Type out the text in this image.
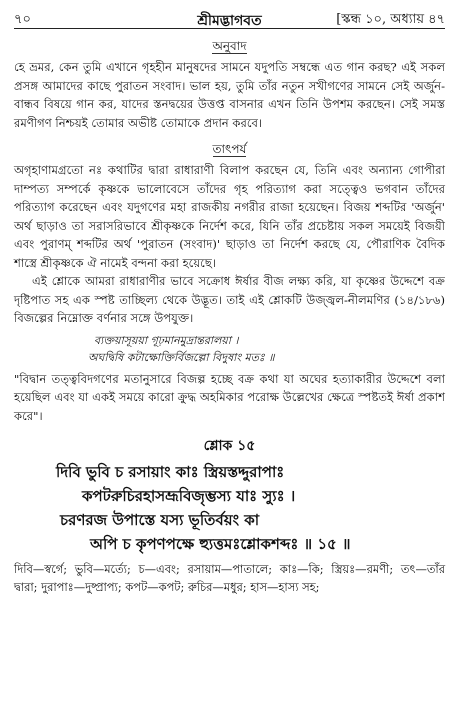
৭০	শ্রীমদ্ভাগবত	[স্কন্ধ ১০, অধ্যায় ৪৭
অনুবাদ

হে ভ্রমর, কেন তুমি এখানে গৃহহীন মানুষদের সামনে যদুপতি সম্বন্ধে এত গান করছ? এই সকল প্রসঙ্গ আমাদের কাছে পুরাতন সংবাদ। ভাল হয়, তুমি তাঁর নতুন সখীগণের সামনে সেই অর্জুন-বান্ধব বিষয়ে গান কর, যাদের স্তনদ্বয়ের উত্তপ্ত বাসনার এখন তিনি উপশম করছেন। সেই সমস্ত রমণীগণ নিশ্চয়ই তোমার অভীষ্ট তোমাকে প্রদান করবে।

তাৎপর্য

অগৃহাণামগ্রতো নঃ কথাটির দ্বারা রাধারাণী বিলাপ করছেন যে, তিনি এবং অন্যান্য গোপীরা দাম্পত্য সম্পর্কে কৃষ্ণকে ভালোবেসে তাঁদের গৃহ পরিত্যাগ করা সত্ত্বেও ভগবান তাঁদের পরিত্যাগ করেছেন এবং যদুগণের মহা রাজকীয় নগরীর রাজা হয়েছেন। বিজয় শব্দটির 'অর্জুন' অর্থ ছাড়াও তা সরাসরিভাবে শ্রীকৃষ্ণকে নির্দেশ করে, যিনি তাঁর প্রচেষ্টায় সকল সময়েই বিজয়ী এবং পুরাণম্ শব্দটির অর্থ 'পুরাতন (সংবাদ)' ছাড়াও তা নির্দেশ করছে যে, পৌরাণিক বৈদিক শাস্ত্রে শ্রীকৃষ্ণকে ঐ নামেই বন্দনা করা হয়েছে।

এই শ্লোকে আমরা রাধারাণীর ভাবে সক্রোধ ঈর্ষার বীজ লক্ষ্য করি, যা কৃষ্ণের উদ্দেশে বক্র দৃষ্টিপাত সহ এক স্পষ্ট তাচ্ছিল্য থেকে উদ্ভূত। তাই এই শ্লোকটি উজ্জ্বল-নীলমণির (১৪/১৮৬) বিজল্পের নিম্নোক্ত বর্ণনার সঙ্গে উপযুক্ত।

ব্যক্তয়াসূয়য়া গূঢ়মানমুদ্রান্তরালয়া ।
অঘদ্বিষি কটাক্ষোক্তির্বিজল্পো বিদুষাং মতঃ ॥

"বিদ্বান তত্ত্ববিদগণের মতানুসারে বিজল্প হচ্ছে বক্র কথা যা অঘের হত্যাকারীর উদ্দেশে বলা হয়েছিল এবং যা একই সময়ে কারো ক্রুদ্ধ অহমিকার পরোক্ষ উল্লেখের ক্ষেত্রে স্পষ্টতই ঈর্ষা প্রকাশ করে"।

শ্লোক ১৫
দিবি ভুবি চ রসায়াং কাঃ স্ত্রিয়স্তদ্দুরাপাঃ
কপটরুচিরহাসভ্রূবিজৃম্ভস্য যাঃ স্যুঃ ।
চরণরজ উপাস্তে যস্য ভূতির্বয়ং কা
অপি চ কৃপণপক্ষে হ্যুত্তমঃশ্লোকশব্দঃ ॥ ১৫ ॥

দিবি—স্বর্গে; ভুবি—মর্ত্যে; চ—এবং; রসায়াম—পাতালে; কাঃ—কি; স্ত্রিয়ঃ—রমণী; তৎ—তাঁর দ্বারা; দুরাপাঃ—দুষ্প্রাপ্য; কপট—কপট; রুচির—মধুর; হাস—হাস্য সহ;
